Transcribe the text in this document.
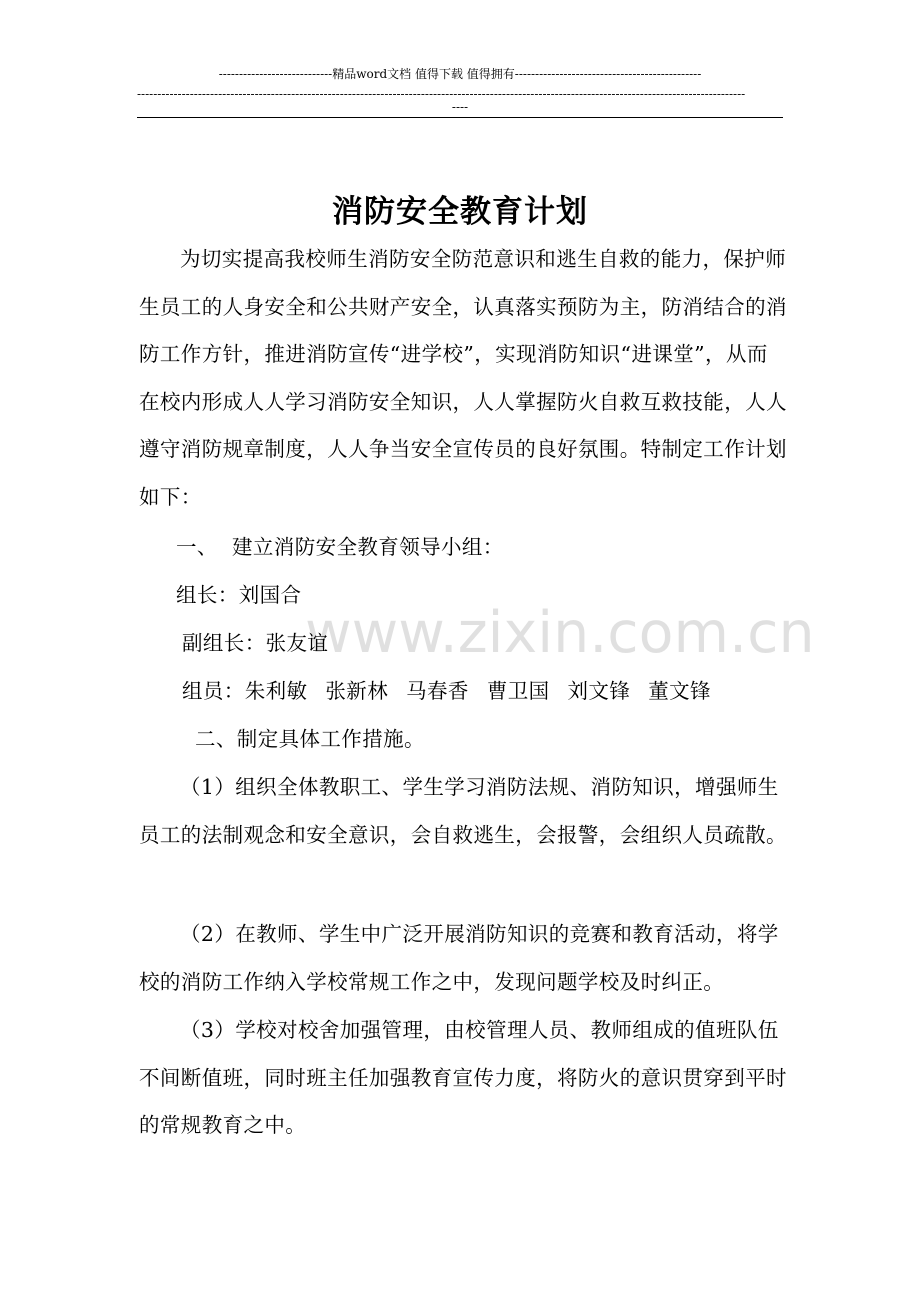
----------------------------精品word文档 值得下载 值得拥有----------------------------------------------
------------------------------------------------------------------------------------------------------------------------------------------------------
----
消防安全教育计划
为切实提高我校师生消防安全防范意识和逃生自救的能力，保护师生员工的人身安全和公共财产安全，认真落实预防为主，防消结合的消防工作方针，推进消防宣传“进学校”，实现消防知识“进课堂”，从而在校内形成人人学习消防安全知识，人人掌握防火自救互救技能，人人遵守消防规章制度，人人争当安全宣传员的良好氛围。特制定工作计划如下：
一、 建立消防安全教育领导小组：
组长：刘国合
副组长：张友谊
组员：朱利敏 张新林 马春香 曹卫国 刘文锋 董文锋
二、制定具体工作措施。
（1）组织全体教职工、学生学习消防法规、消防知识，增强师生员工的法制观念和安全意识，会自救逃生，会报警，会组织人员疏散。
（2）在教师、学生中广泛开展消防知识的竞赛和教育活动，将学校的消防工作纳入学校常规工作之中，发现问题学校及时纠正。
（3）学校对校舍加强管理，由校管理人员、教师组成的值班队伍不间断值班，同时班主任加强教育宣传力度，将防火的意识贯穿到平时的常规教育之中。
www.zixin.com.cn
